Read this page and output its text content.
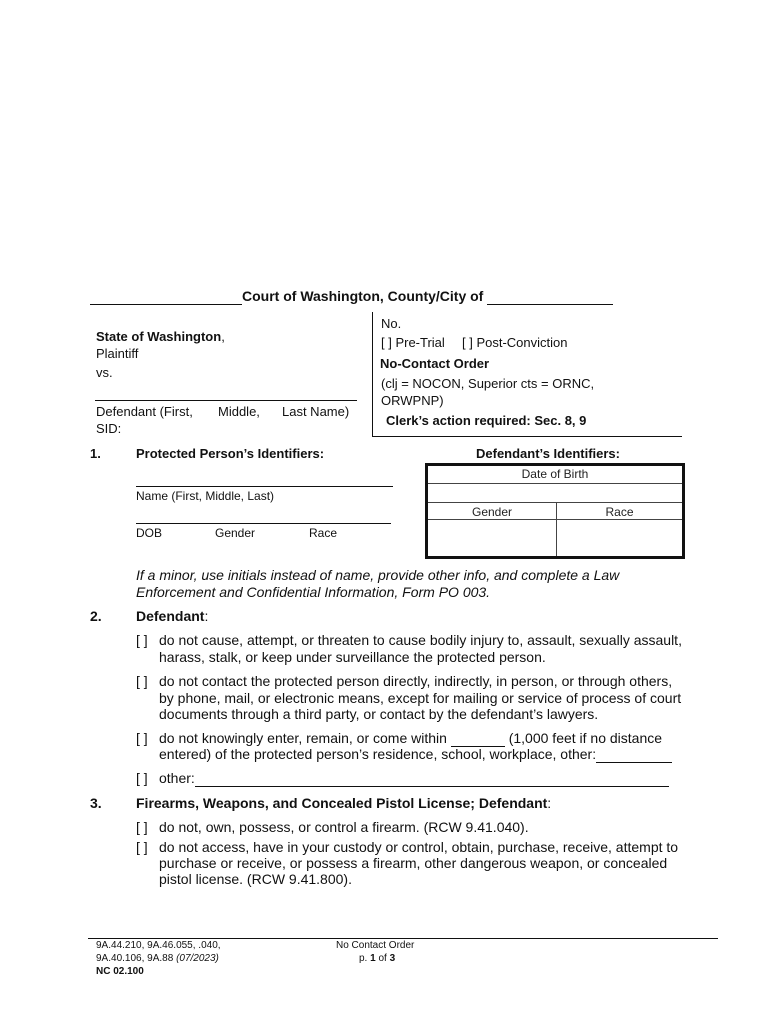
Court of Washington, County/City of
State of Washington,
Plaintiff
vs.
Defendant (First, Middle, Last Name)
SID:
No.
[ ] Pre-Trial [ ] Post-Conviction
No-Contact Order
(clj = NOCON, Superior cts = ORNC,
ORWPNP)
Clerk’s action required: Sec. 8, 9
1.	Protected Person’s Identifiers:	Defendant’s Identifiers:
Name (First, Middle, Last)
DOB	Gender	Race
Date of Birth
Gender	Race
If a minor, use initials instead of name, provide other info, and complete a Law
Enforcement and Confidential Information, Form PO 003.
2. Defendant:
[ ] do not cause, attempt, or threaten to cause bodily injury to, assault, sexually assault,
harass, stalk, or keep under surveillance the protected person.
[ ] do not contact the protected person directly, indirectly, in person, or through others,
by phone, mail, or electronic means, except for mailing or service of process of court
documents through a third party, or contact by the defendant’s lawyers.
[ ] do not knowingly enter, remain, or come within	(1,000 feet if no distance
entered) of the protected person’s residence, school, workplace, other:
[ ] other:
3. Firearms, Weapons, and Concealed Pistol License; Defendant:
[ ] do not, own, possess, or control a firearm. (RCW 9.41.040).
[ ] do not access, have in your custody or control, obtain, purchase, receive, attempt to
purchase or receive, or possess a firearm, other dangerous weapon, or concealed
pistol license. (RCW 9.41.800).
9A.44.210, 9A.46.055, .040,
9A.40.106, 9A.88 (07/2023)
NC 02.100
No Contact Order
p. 1 of 3
